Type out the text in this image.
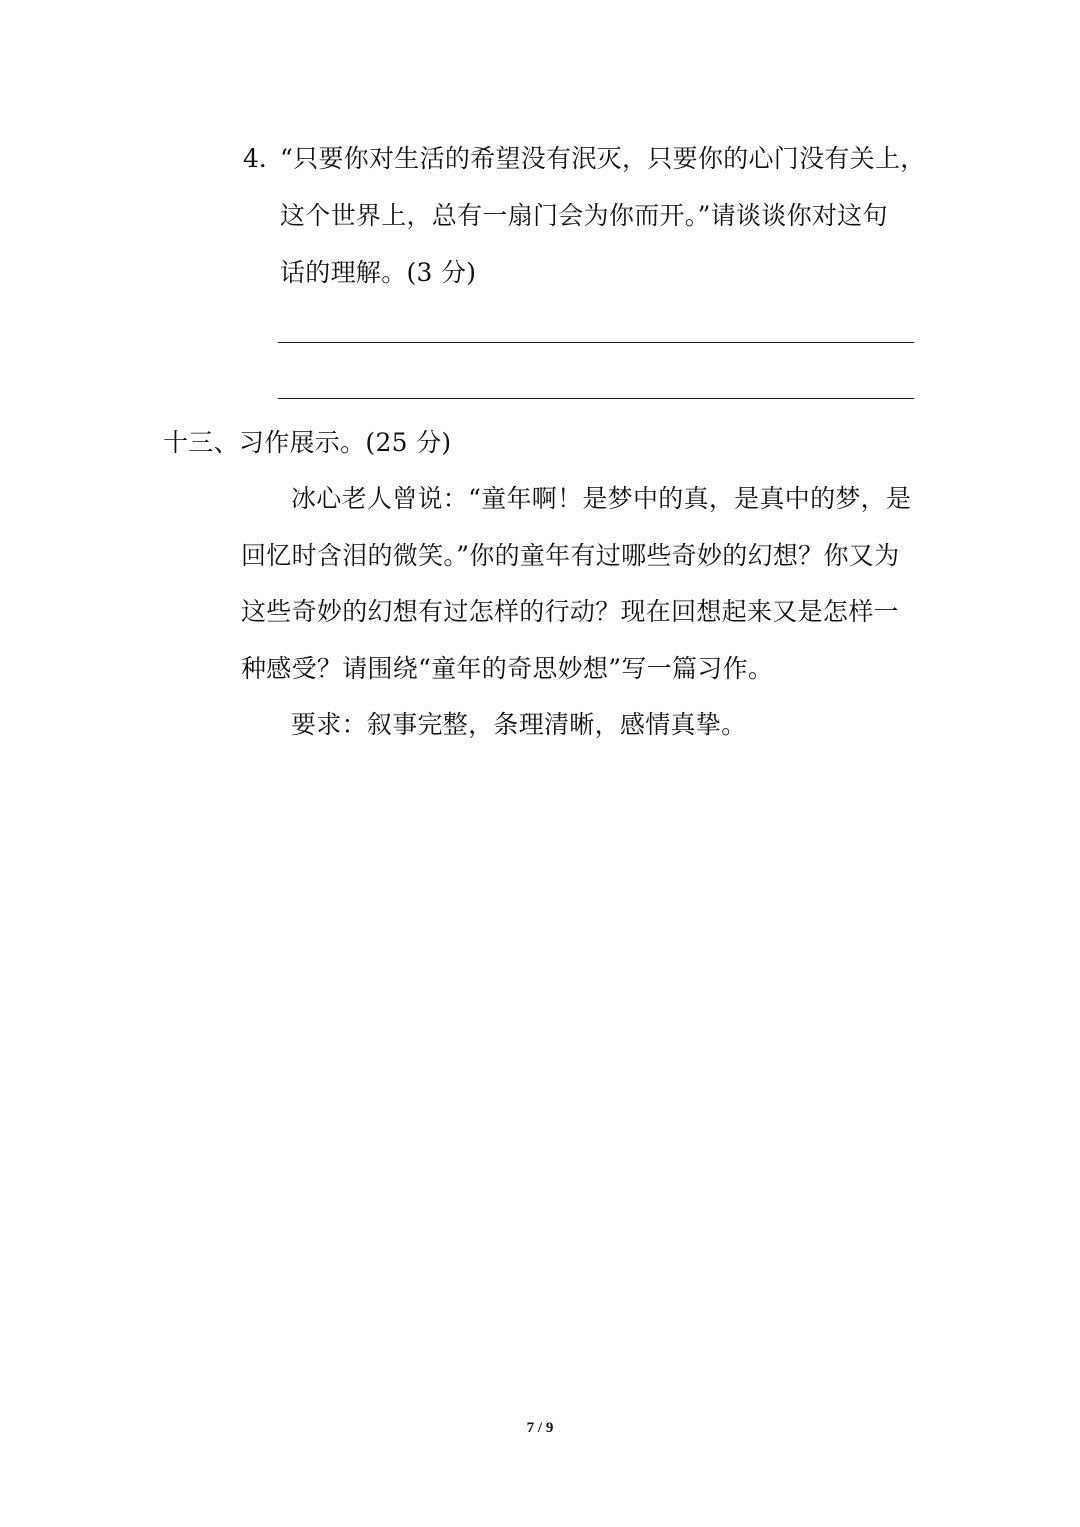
4．
“只要你对生活的希望没有泯灭，只要你的心门没有关上，
这个世界上，总有一扇门会为你而开。”请谈谈你对这句
话的理解。(3 分)
十三、习作展示。(25 分)
冰心老人曾说：“童年啊！是梦中的真，是真中的梦，是
回忆时含泪的微笑。”你的童年有过哪些奇妙的幻想？你又为
这些奇妙的幻想有过怎样的行动？现在回想起来又是怎样一
种感受？请围绕“童年的奇思妙想”写一篇习作。
要求：叙事完整，条理清晰，感情真挚。
7 / 9
